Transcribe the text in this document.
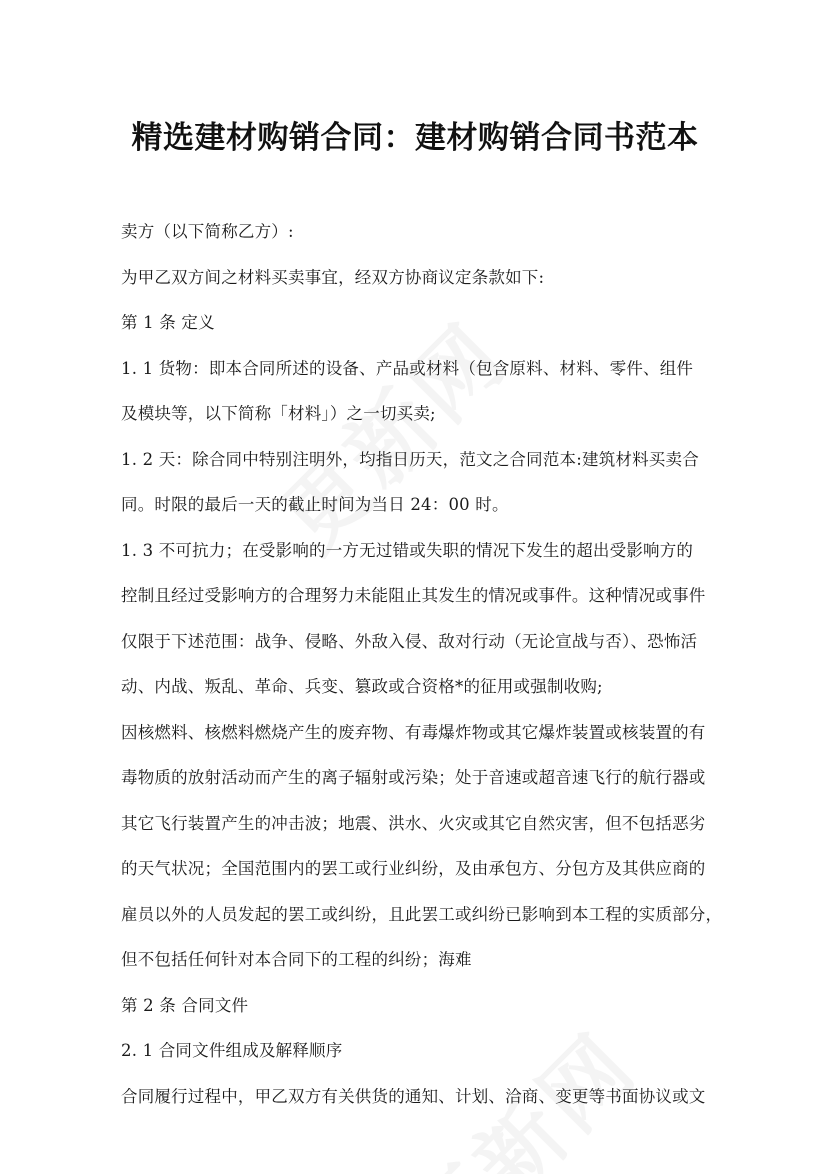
精选建材购销合同：建材购销合同书范本
卖方（以下简称乙方）:
为甲乙双方间之材料买卖事宜，经双方协商议定条款如下:
第 1 条 定义
1. 1 货物：即本合同所述的设备、产品或材料（包含原料、材料、零件、组件
及模块等，以下简称「材料」）之一切买卖;
1. 2 天：除合同中特别注明外，均指日历天，范文之合同范本:建筑材料买卖合
同。时限的最后一天的截止时间为当日 24：00 时。
1. 3 不可抗力；在受影响的一方无过错或失职的情况下发生的超出受影响方的
控制且经过受影响方的合理努力未能阻止其发生的情况或事件。这种情况或事件
仅限于下述范围：战争、侵略、外敌入侵、敌对行动（无论宣战与否）、恐怖活
动、内战、叛乱、革命、兵变、篡政或合资格*的征用或强制收购;
因核燃料、核燃料燃烧产生的废弃物、有毒爆炸物或其它爆炸装置或核装置的有
毒物质的放射活动而产生的离子辐射或污染；处于音速或超音速飞行的航行器或
其它飞行装置产生的冲击波；地震、洪水、火灾或其它自然灾害，但不包括恶劣
的天气状况；全国范围内的罢工或行业纠纷，及由承包方、分包方及其供应商的
雇员以外的人员发起的罢工或纠纷，且此罢工或纠纷已影响到本工程的实质部分，
但不包括任何针对本合同下的工程的纠纷；海难
第 2 条 合同文件
2. 1 合同文件组成及解释顺序
合同履行过程中，甲乙双方有关供货的通知、计划、洽商、变更等书面协议或文
